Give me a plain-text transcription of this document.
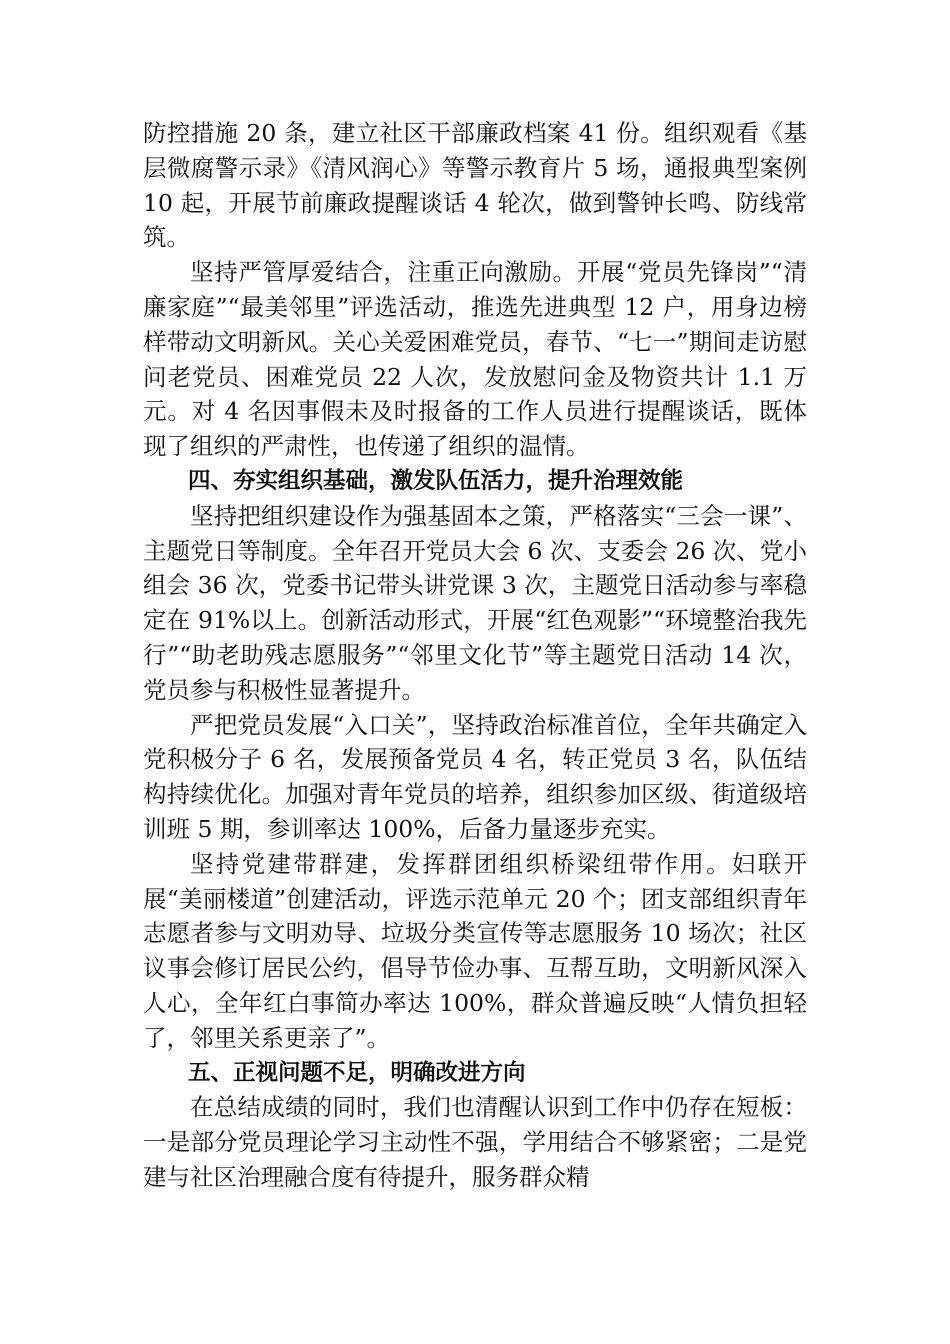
防控措施 20 条，建立社区干部廉政档案 41 份。组织观看《基层微腐警示录》《清风润心》等警示教育片 5 场，通报典型案例 10 起，开展节前廉政提醒谈话 4 轮次，做到警钟长鸣、防线常筑。

坚持严管厚爱结合，注重正向激励。开展“党员先锋岗”“清廉家庭”“最美邻里”评选活动，推选先进典型 12 户，用身边榜样带动文明新风。关心关爱困难党员，春节、“七一”期间走访慰问老党员、困难党员 22 人次，发放慰问金及物资共计 1.1 万元。对 4 名因事假未及时报备的工作人员进行提醒谈话，既体现了组织的严肃性，也传递了组织的温情。

四、夯实组织基础，激发队伍活力，提升治理效能

坚持把组织建设作为强基固本之策，严格落实“三会一课”、主题党日等制度。全年召开党员大会 6 次、支委会 26 次、党小组会 36 次，党委书记带头讲党课 3 次，主题党日活动参与率稳定在 91%以上。创新活动形式，开展“红色观影”“环境整治我先行”“助老助残志愿服务”“邻里文化节”等主题党日活动 14 次，党员参与积极性显著提升。

严把党员发展“入口关”，坚持政治标准首位，全年共确定入党积极分子 6 名，发展预备党员 4 名，转正党员 3 名，队伍结构持续优化。加强对青年党员的培养，组织参加区级、街道级培训班 5 期，参训率达 100%，后备力量逐步充实。

坚持党建带群建，发挥群团组织桥梁纽带作用。妇联开展“美丽楼道”创建活动，评选示范单元 20 个；团支部组织青年志愿者参与文明劝导、垃圾分类宣传等志愿服务 10 场次；社区议事会修订居民公约，倡导节俭办事、互帮互助，文明新风深入人心，全年红白事简办率达 100%，群众普遍反映“人情负担轻了，邻里关系更亲了”。

五、正视问题不足，明确改进方向

在总结成绩的同时，我们也清醒认识到工作中仍存在短板：一是部分党员理论学习主动性不强，学用结合不够紧密；二是党建与社区治理融合度有待提升，服务群众精
